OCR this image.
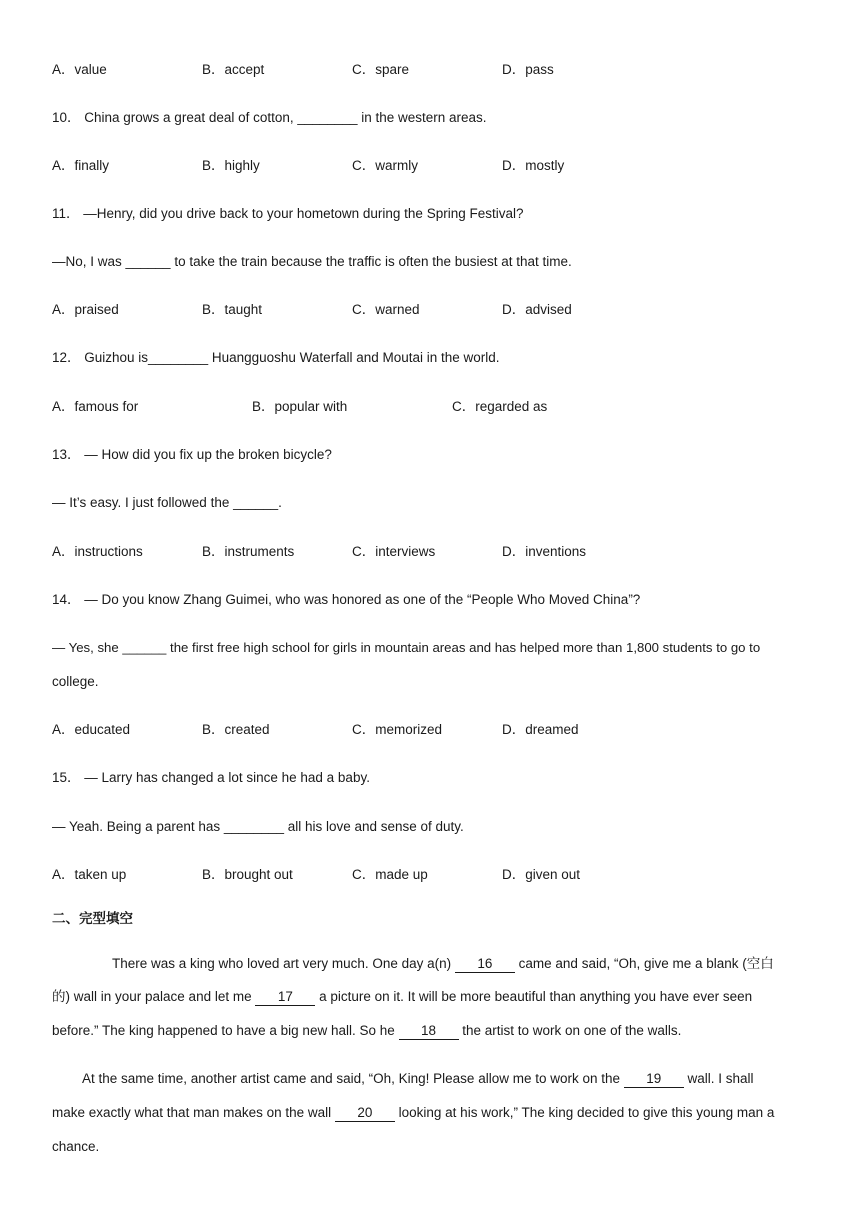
A．value	B．accept	C．spare	D．pass
10． China grows a great deal of cotton, ________ in the western areas.
A．finally	B．highly	C．warmly	D．mostly
11． —Henry, did you drive back to your hometown during the Spring Festival?
—No, I was ______ to take the train because the traffic is often the busiest at that time.
A．praised	B．taught	C．warned	D．advised
12． Guizhou is________ Huangguoshu Waterfall and Moutai in the world.
A．famous for	B．popular with	C．regarded as
13． — How did you fix up the broken bicycle?
— It’s easy. I just followed the ______.
A．instructions	B．instruments	C．interviews	D．inventions
14． — Do you know Zhang Guimei, who was honored as one of the “People Who Moved China”?
— Yes, she ______ the first free high school for girls in mountain areas and has helped more than 1,800 students to go to
college.
A．educated	B．created	C．memorized	D．dreamed
15． — Larry has changed a lot since he had a baby.
— Yeah. Being a parent has ________ all his love and sense of duty.
A．taken up	B．brought out	C．made up	D．given out
二、完型填空
There was a king who loved art very much. One day a(n) 16 came and said, “Oh, give me a blank (空白
的) wall in your palace and let me 17 a picture on it. It will be more beautiful than anything you have ever seen
before.” The king happened to have a big new hall. So he 18 the artist to work on one of the walls.
At the same time, another artist came and said, “Oh, King! Please allow me to work on the 19 wall. I shall
make exactly what that man makes on the wall 20 looking at his work,” The king decided to give this young man a
chance.
